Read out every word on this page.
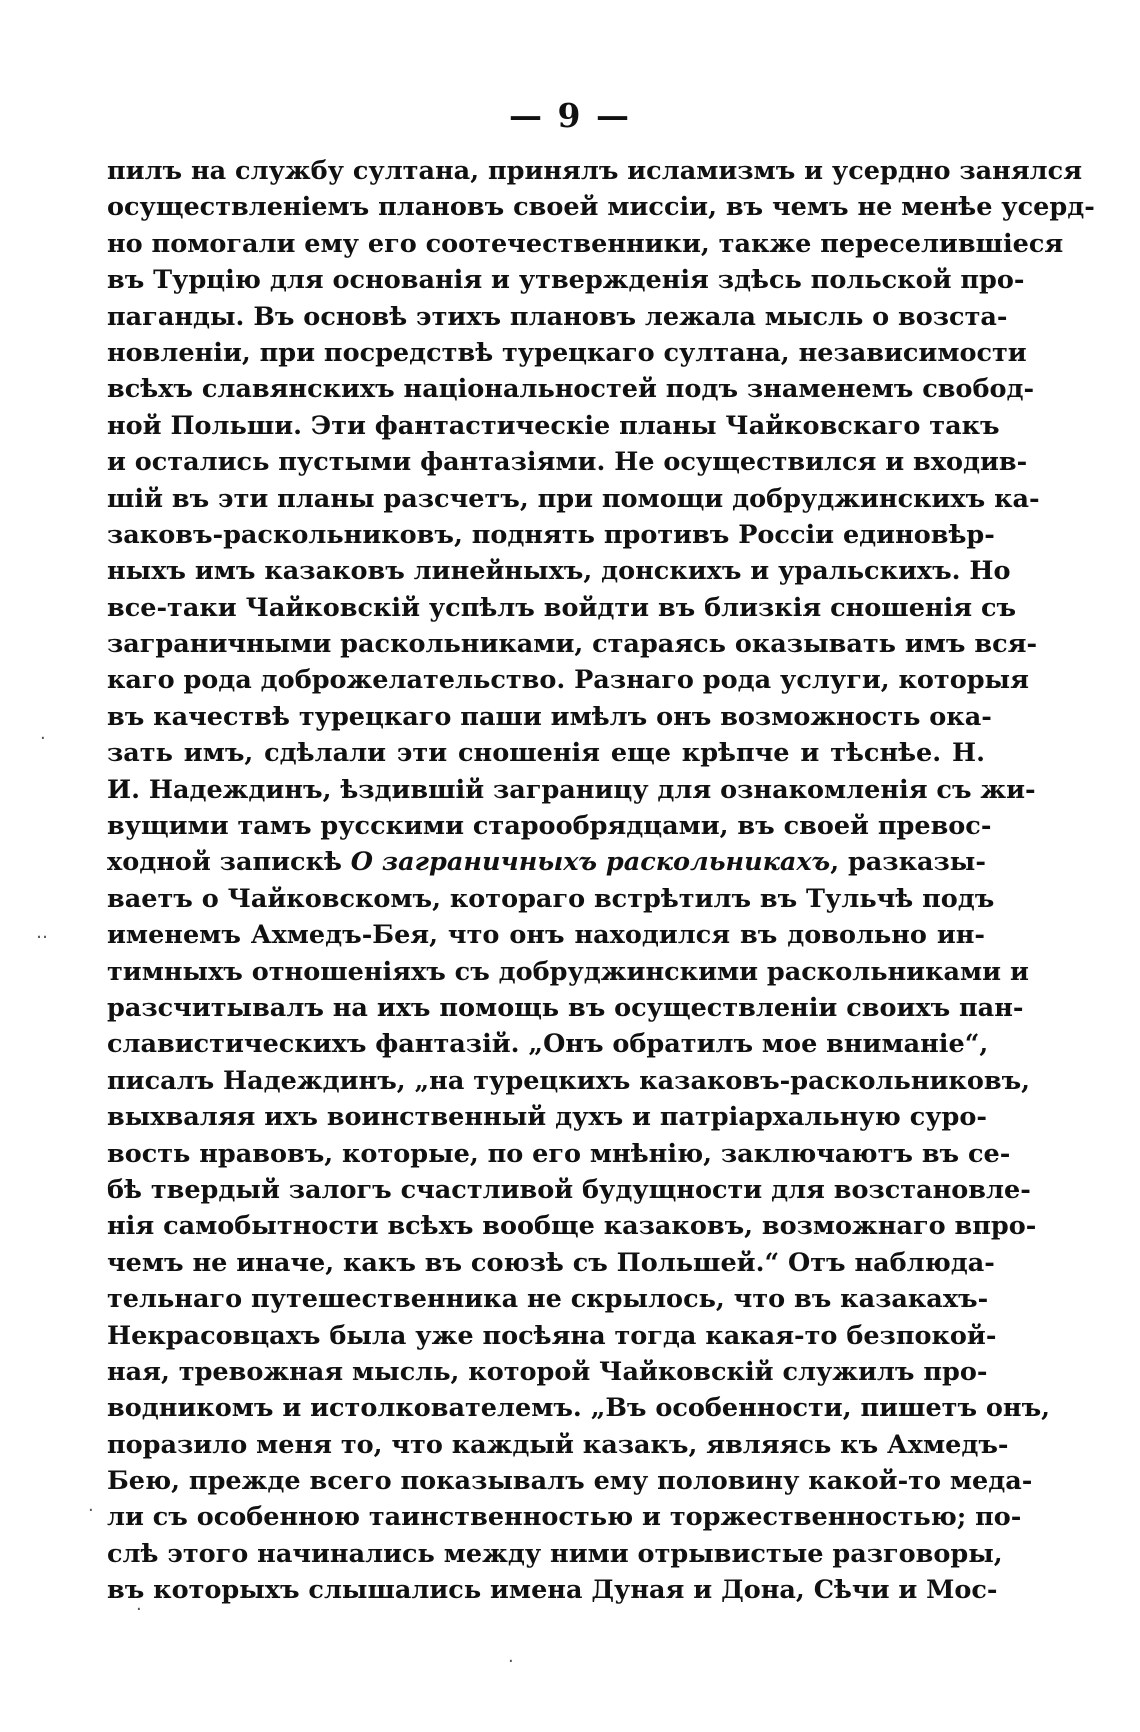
— 9 —
пилъ на службу султана, принялъ исламизмъ и усердно занялся
осуществленіемъ плановъ своей миссіи, въ чемъ не менѣе усерд-
но помогали ему его соотечественники, также переселившіеся
въ Турцію для основанія и утвержденія здѣсь польской про-
паганды. Въ основѣ этихъ плановъ лежала мысль о возста-
новленіи, при посредствѣ турецкаго султана, независимости
всѣхъ славянскихъ національностей подъ знаменемъ свобод-
ной Польши. Эти фантастическіе планы Чайковскаго такъ
и остались пустыми фантазіями. Не осуществился и входив-
шій въ эти планы разсчетъ, при помощи добруджинскихъ ка-
заковъ-раскольниковъ, поднять противъ Россіи единовѣр-
ныхъ имъ казаковъ линейныхъ, донскихъ и уральскихъ. Но
все-таки Чайковскій успѣлъ войдти въ близкія сношенія съ
заграничными раскольниками, стараясь оказывать имъ вся-
каго рода доброжелательство. Разнаго рода услуги, которыя
въ качествѣ турецкаго паши имѣлъ онъ возможность ока-
зать имъ, сдѣлали эти сношенія еще крѣпче и тѣснѣе. Н.
И. Надеждинъ, ѣздившій заграницу для ознакомленія съ жи-
вущими тамъ русскими старообрядцами, въ своей превос-
ходной запискѣ О заграничныхъ раскольникахъ, разказы-
ваетъ о Чайковскомъ, котораго встрѣтилъ въ Тульчѣ подъ
именемъ Ахмедъ-Бея, что онъ находился въ довольно ин-
тимныхъ отношеніяхъ съ добруджинскими раскольниками и
разсчитывалъ на ихъ помощь въ осуществленіи своихъ пан-
славистическихъ фантазій. „Онъ обратилъ мое вниманіе“,
писалъ Надеждинъ, „на турецкихъ казаковъ-раскольниковъ,
выхваляя ихъ воинственный духъ и патріархальную суро-
вость нравовъ, которые, по его мнѣнію, заключаютъ въ се-
бѣ твердый залогъ счастливой будущности для возстановле-
нія самобытности всѣхъ вообще казаковъ, возможнаго впро-
чемъ не иначе, какъ въ союзѣ съ Польшей.“ Отъ наблюда-
тельнаго путешественника не скрылось, что въ казакахъ-
Некрасовцахъ была уже посѣяна тогда какая-то безпокой-
ная, тревожная мысль, которой Чайковскій служилъ про-
водникомъ и истолкователемъ. „Въ особенности, пишетъ онъ,
поразило меня то, что каждый казакъ, являясь къ Ахмедъ-
Бею, прежде всего показывалъ ему половину какой-то меда-
ли съ особенною таинственностью и торжественностью; по-
слѣ этого начинались между ними отрывистые разговоры,
въ которыхъ слышались имена Дуная и Дона, Сѣчи и Мос-
·
‥
·
·
·
